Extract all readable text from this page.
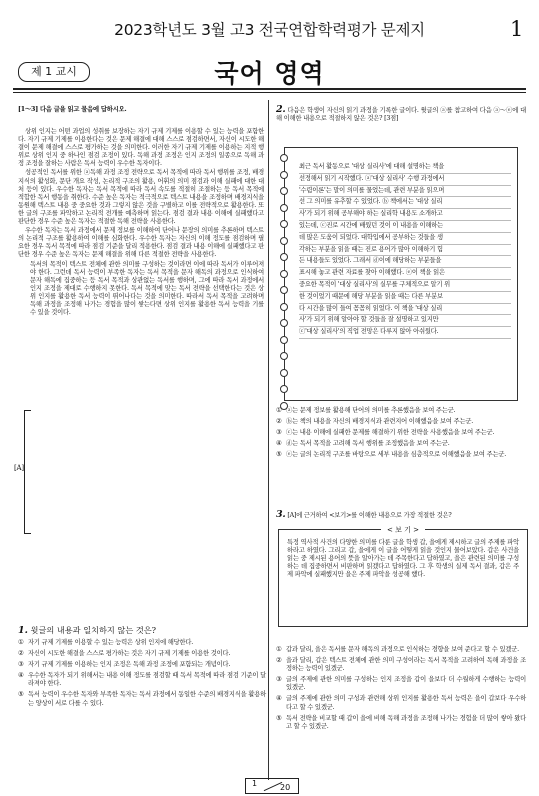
2023학년도 3월 고3 전국연합학력평가 문제지	1
제 1 교시	국어 영역
[1～3] 다음 글을 읽고 물음에 답하시오.

상위 인지는 어떤 과업의 성취를 보장하는 자기 규제 기제를 이용할 수 있는 능력을 포함한다. 자기 규제 기제를 이용한다는 것은 문제 해결에 대해 스스로 점검하면서, 자신이 시도한 해결이 문제 해결에 스스로 평가하는 것을 의미한다. 이러한 자기 규제 기제를 이용하는 지적 행위로 상위 인지 중 하나인 점검 조정이 있다. 독해 과정 조정은 인지 조정의 일종으로 독해 과정 조정을 잘하는 사람은 독서 능력이 우수한 독자이다.

성공적인 독서를 위한 ⓐ독해 과정 조정 전략으로 독서 목적에 따라 독서 행위를 조정, 배경지식의 활성화, 문단 개요 작성, 논리적 구조의 활용, 어휘의 의미 점검과 이해 실패에 대한 대처 등이 있다. 우수한 독자는 독서 목적에 따라 독서 속도를 적절히 조절하는 등 독서 목적에 적합한 독서 행동을 취한다. 수준 높은 독자는 적극적으로 텍스트 내용을 조정하며 배경지식을 동원해 텍스트 내용 중 중요한 것과 그렇지 않은 것을 구별하고 이를 전략적으로 활용한다. 또한 글의 구조를 파악하고 논리적 전개를 예측하며 읽는다. 점검 결과 내용 이해에 실패했다고 판단한 경우 수준 높은 독자는 적절한 독해 전략을 사용한다.

우수한 독자는 독서 과정에서 문제 정보를 이해하여 단어나 문장의 의미를 추론하며 텍스트의 논리적 구조를 활용하여 이해를 심화한다. 우수한 독자는 자신의 이해 정도를 점검하며 필요한 경우 독서 목적에 따라 점검 기준을 달리 적용한다. 점검 결과 내용 이해에 실패했다고 판단한 경우 수준 높은 독자는 문제 해결을 위해 다른 적절한 전략을 사용한다.

[A]

독서의 목적이 텍스트 전체에 관한 의미를 구성하는 것이라면 이에 따라 독서가 이루어져야 한다. 그런데 독서 능력이 부족한 독자는 독서 목적을 문자 해독의 과정으로 인식하여 문자 해독에 집중하는 등 독서 목적과 상관없는 독서를 행하며, 그에 따라 독서 과정에서 인지 조정을 제대로 수행하지 못한다. 독서 목적에 맞는 독서 전략을 선택한다는 것은 상위 인지를 활용한 독서 능력이 뛰어나다는 것을 의미한다. 따라서 독서 목적을 고려하며 독해 과정을 조정해 나가는 경험을 많이 쌓는다면 상위 인지를 활용한 독서 능력을 기를 수 있을 것이다.

1. 윗글의 내용과 일치하지 않는 것은?
① 자기 규제 기제를 이용할 수 있는 능력은 상위 인지에 해당한다.
② 자신이 시도한 해결을 스스로 평가하는 것은 자기 규제 기제를 이용한 것이다.
③ 자기 규제 기제를 이용하는 인지 조정은 독해 과정 조정에 포함되는 개념이다.
④ 우수한 독자가 되기 위해서는 내용 이해 정도를 점검할 때 독서 목적에 따라 점검 기준이 달라져야 한다.
⑤ 독서 능력이 우수한 독자와 부족한 독자는 독서 과정에서 동일한 수준의 배경지식을 활용하는 양상이 서로 다를 수 있다.
2. 다음은 학생이 자신의 읽기 과정을 기록한 글이다. 윗글의 ⓐ를 참고하여 다음 ⓐ～ⓔ에 대해 이해한 내용으로 적절하지 않은 것은? [3점]
최근 독서 활동으로 '대상 실리사'에 대해 설명하는 책을
선정해서 읽기 시작했다. ⓐ'대상 실리사' 수행 과정에서
'수렴이론'는 말이 의미를 물었는데, 관련 부분을 읽으며
선 그 의미를 유추할 수 있었다. ⓑ 책에서는 '대상 실리
사'가 되기 위해 공부해야 하는 실리학 내용도 소개하고
있는데, ⓒ진로 시간에 배웠던 것이 이 내용을 이해하는
데 많은 도움이 되었다. 대학입에서 공부하는 것들을 생
각하는 부분을 읽을 때는 진로 용어가 많아 이해하기 힘
든 내용들도 있었다. 그래서 ⓓ이에 해당하는 부분들을
표시해 놓고 관련 자료를 찾아 이해했다. ⓔ이 책을 읽은
중요한 목적이 '대상 실리사'의 실무를 구체적으로 알기 위
한 것이었기 때문에 해당 부분을 읽을 때는 다른 부분보
다 시간을 많이 들여 꼼꼼히 읽었다. 이 책을 '대상 실리
사'가 되기 위해 알아야 할 것들을 잘 설명하고 있지만
ⓒ'대상 실리사'의 직업 전망은 다루지 않아 아쉬웠다.
① ⓐ는 문제 정보를 활용해 단어의 의미를 추론했음을 보여 주는군.
② ⓑ는 책의 내용을 자신의 배경지식과 관련지어 이해했음을 보여 주는군.
③ ⓒ는 내용 이해에 실패한 문제를 해결하기 위한 전략을 사용했음을 보여 주는군.
④ ⓓ는 독서 목적을 고려해 독서 행위를 조정했음을 보여 주는군.
⑤ ⓔ는 글의 논리적 구조를 바탕으로 세부 내용을 심층적으로 이해했음을 보여 주는군.
3. [A]에 근거하여 <보기>를 이해한 내용으로 가장 적절한 것은?
< 보 기 >
특정 역사적 사건의 다양한 의미를 다룬 글을 학생 갑, 을에게 제시하고 글의 주제를 파악하라고 하였다. 그리고 갑, 을에게 이 글을 어떻게 읽을 것인지 물어보았다. 갑은 사건을 읽는 중 제시된 용어의 뜻을 알아가는 데 주목한다고 답하였고, 을은 관련된 의미를 구성하는 데 집중하면서 비판하며 읽겠다고 답하였다. 그 후 학생의 실제 독서 결과, 갑은 주제 파악에 실패했지만 을은 주제 파악을 성공해 했다.
① 갑과 달리, 을은 독서를 문자 해독의 과정으로 인식하는 경향을 보여 준다고 할 수 있겠군.
② 을과 달리, 갑은 텍스트 전체에 관한 의미 구성이라는 독서 목적을 고려하여 독해 과정을 조정하는 능력이 있겠군.
③ 글의 주제에 관한 의미를 구성하는 인지 조정을 갑이 을보다 더 수월하게 수행하는 능력이 있겠군.
④ 글의 주제에 관한 의미 구성과 관련해 상위 인지를 활용한 독서 능력은 을이 갑보다 우수하다고 할 수 있겠군.
⑤ 독서 전략을 비교할 때 갑이 을에 비해 독해 과정을 조정해 나가는 경험을 더 많이 쌓아 왔다고 할 수 있겠군.
1	20
